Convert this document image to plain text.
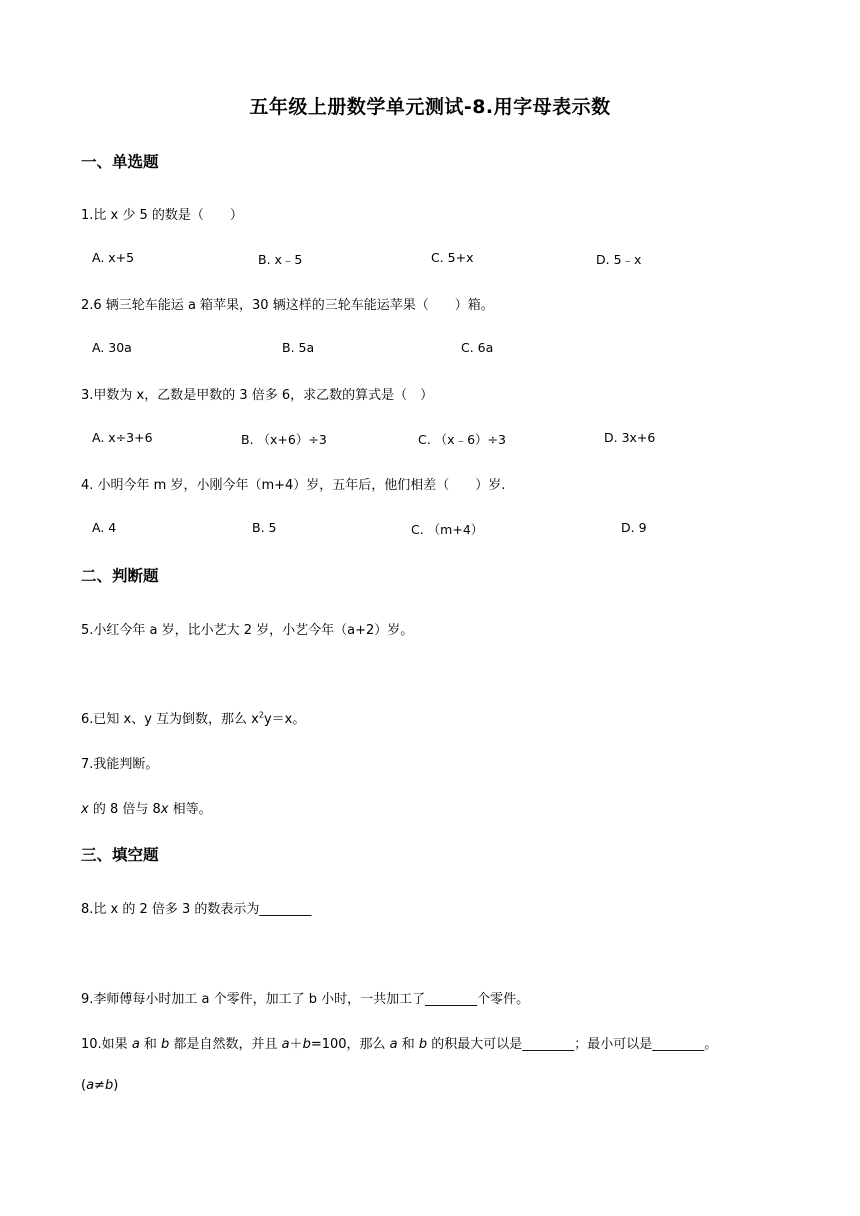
五年级上册数学单元测试-8.用字母表示数
一、单选题
1.比 x 少 5 的数是（　　）
A. x+5	B. x﹣5	C. 5+x	D. 5﹣x
2.6 辆三轮车能运 a 箱苹果，30 辆这样的三轮车能运苹果（　　）箱。
A. 30a	B. 5a	C. 6a
3.甲数为 x，乙数是甲数的 3 倍多 6，求乙数的算式是（　）
A. x÷3+6	B. （x+6）÷3	C. （x﹣6）÷3	D. 3x+6
4. 小明今年 m 岁，小刚今年（m+4）岁，五年后，他们相差（　　）岁.
A. 4	B. 5	C. （m+4）	D. 9
二、判断题
5.小红今年 a 岁，比小艺大 2 岁，小艺今年（a+2）岁。
6.已知 x、y 互为倒数，那么 $x^2y=x$。
7.我能判断。
x 的 8 倍与 8x 相等。
三、填空题
8.比 x 的 2 倍多 3 的数表示为________
9.李师傅每小时加工 a 个零件，加工了 b 小时，一共加工了________个零件。
10.如果 a 和 b 都是自然数，并且 a＋b=100，那么 a 和 b 的积最大可以是________；最小可以是________。
(a≠b)
